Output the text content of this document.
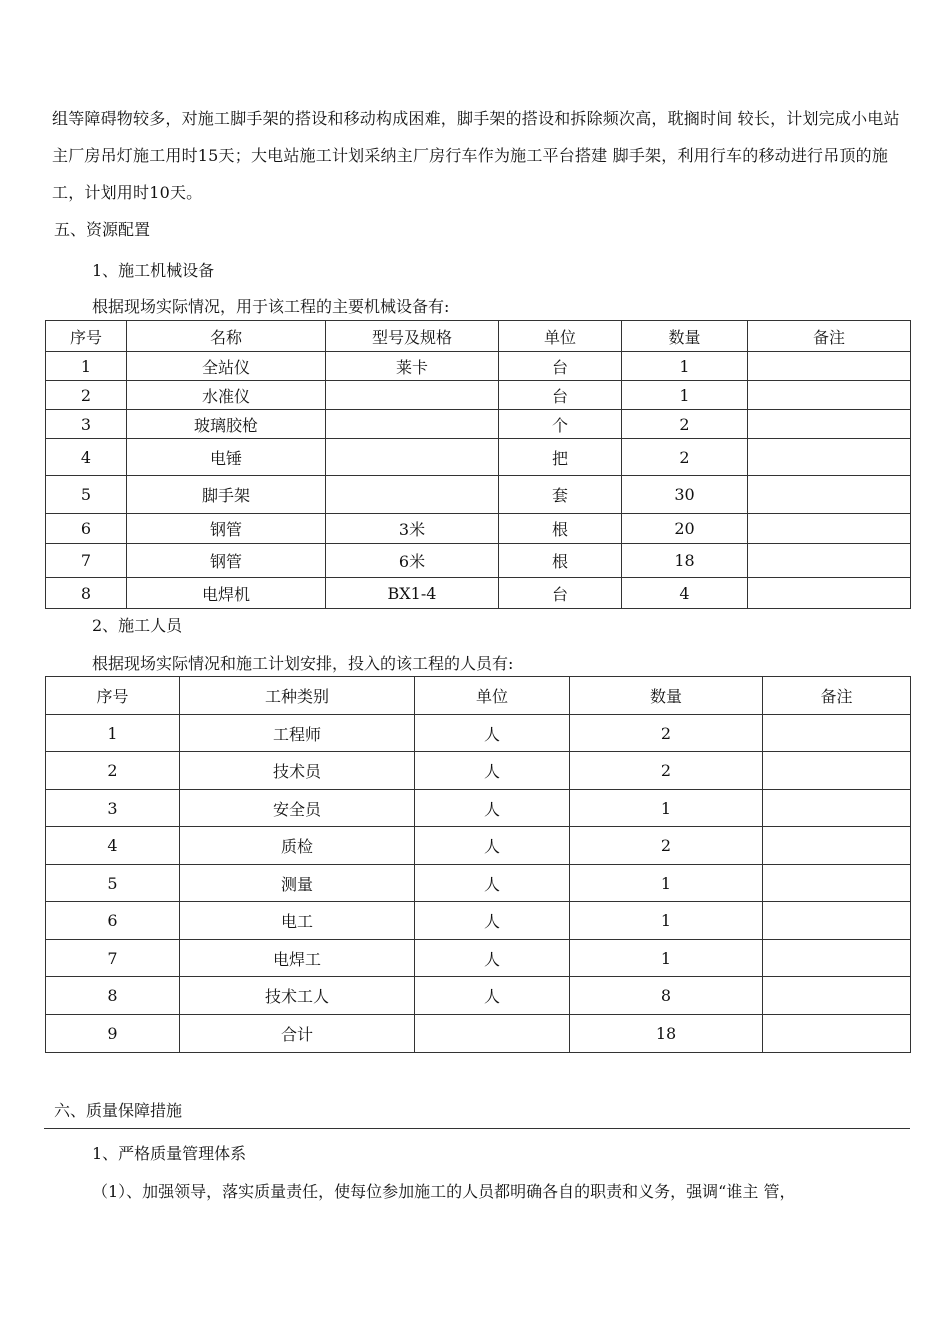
组等障碍物较多，对施工脚手架的搭设和移动构成困难，脚手架的搭设和拆除频次高，耽搁时间 较长，计划完成小电站主厂房吊灯施工用时15天；大电站施工计划采纳主厂房行车作为施工平台搭建 脚手架，利用行车的移动进行吊顶的施工，计划用时10天。
五、资源配置
1、施工机械设备
根据现场实际情况，用于该工程的主要机械设备有:
序号	名称	型号及规格	单位	数量	备注
1	全站仪	莱卡	台	1	
2	水准仪		台	1	
3	玻璃胶枪		个	2	
4	电锤		把	2	
5	脚手架		套	30	
6	钢管	3米	根	20	
7	钢管	6米	根	18	
8	电焊机	BX1-4	台	4	
2、施工人员
根据现场实际情况和施工计划安排，投入的该工程的人员有:
序号	工种类别	单位	数量	备注
1	工程师	人	2	
2	技术员	人	2	
3	安全员	人	1	
4	质检	人	2	
5	测量	人	1	
6	电工	人	1	
7	电焊工	人	1	
8	技术工人	人	8	
9	合计		18	
六、质量保障措施
1、严格质量管理体系
（1）、加强领导，落实质量责任，使每位参加施工的人员都明确各自的职责和义务，强调“谁主 管，
